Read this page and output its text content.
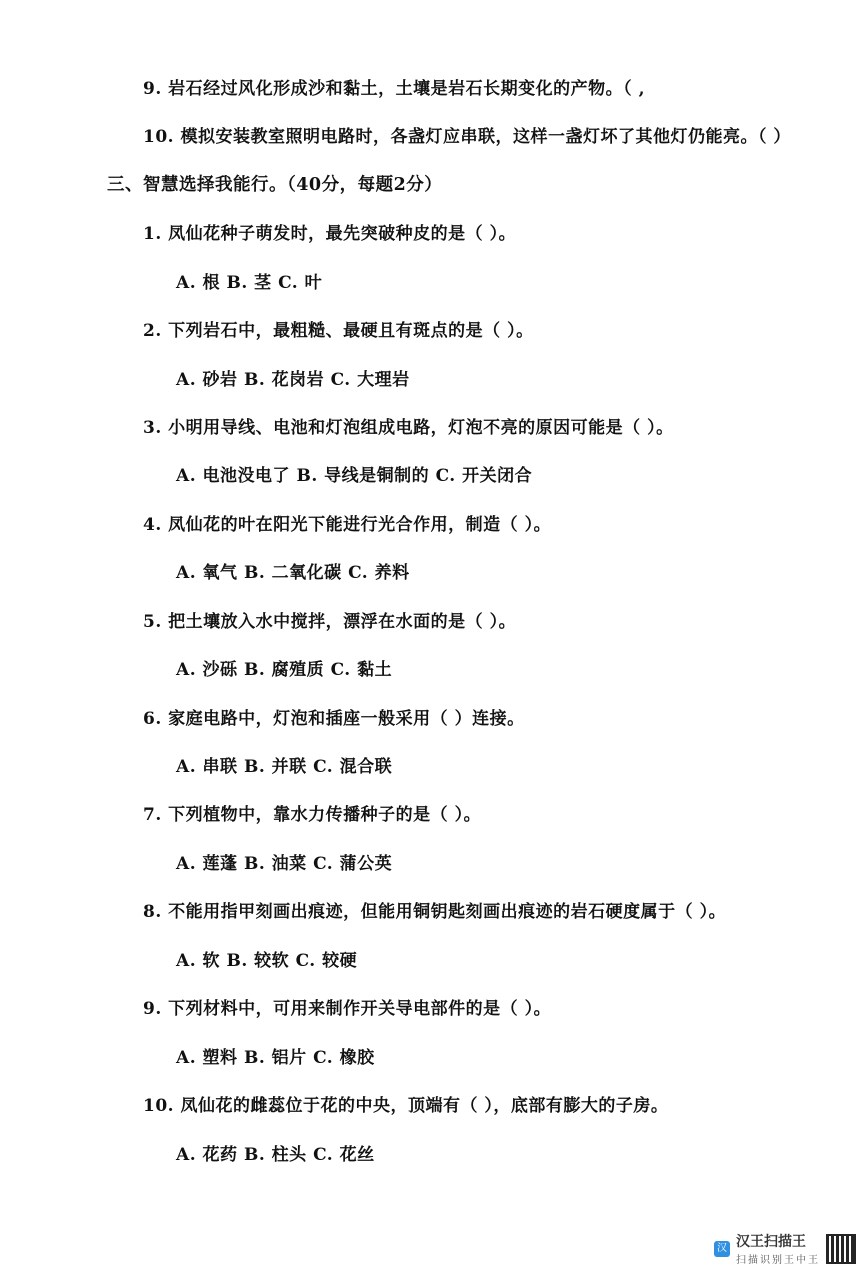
9. 岩石经过风化形成沙和黏土，土壤是岩石长期变化的产物。（ ,
10. 模拟安装教室照明电路时，各盏灯应串联，这样一盏灯坏了其他灯仍能亮。（ ）
三、智慧选择我能行。（40分，每题2分）
1. 凤仙花种子萌发时，最先突破种皮的是（ ）。
A. 根 B. 茎 C. 叶
2. 下列岩石中，最粗糙、最硬且有斑点的是（ ）。
A. 砂岩 B. 花岗岩 C. 大理岩
3. 小明用导线、电池和灯泡组成电路，灯泡不亮的原因可能是（ ）。
A. 电池没电了 B. 导线是铜制的 C. 开关闭合
4. 凤仙花的叶在阳光下能进行光合作用，制造（ ）。
A. 氧气 B. 二氧化碳 C. 养料
5. 把土壤放入水中搅拌，漂浮在水面的是（ ）。
A. 沙砾 B. 腐殖质 C. 黏土
6. 家庭电路中，灯泡和插座一般采用（ ）连接。
A. 串联 B. 并联 C. 混合联
7. 下列植物中，靠水力传播种子的是（ ）。
A. 莲蓬 B. 油菜 C. 蒲公英
8. 不能用指甲刻画出痕迹，但能用铜钥匙刻画出痕迹的岩石硬度属于（ ）。
A. 软 B. 较软 C. 较硬
9. 下列材料中，可用来制作开关导电部件的是（ ）。
A. 塑料 B. 铝片 C. 橡胶
10. 凤仙花的雌蕊位于花的中央，顶端有（ ），底部有膨大的子房。
A. 花药 B. 柱头 C. 花丝
汉 汉王扫描王
扫描识别王中王
